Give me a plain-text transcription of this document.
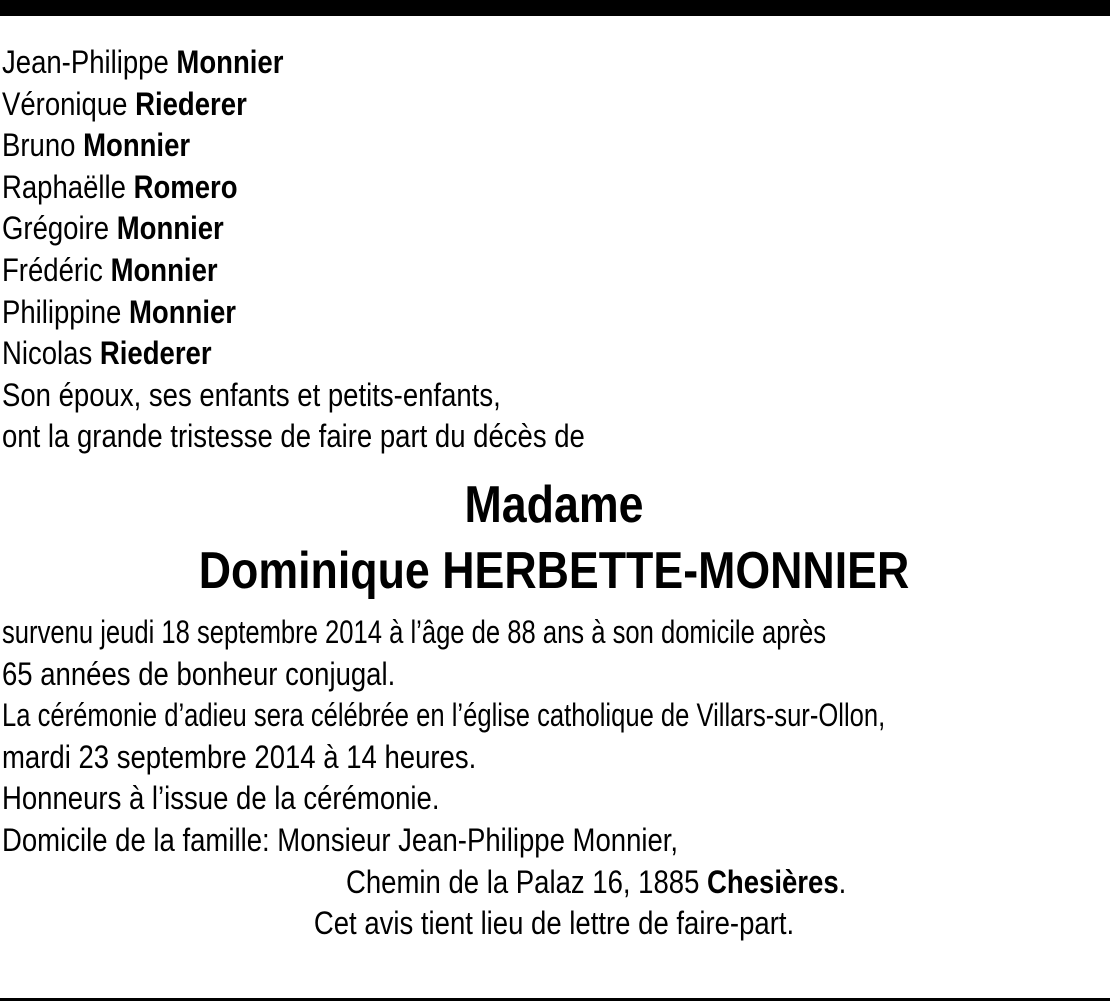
Jean-Philippe Monnier
Véronique Riederer
Bruno Monnier
Raphaëlle Romero
Grégoire Monnier
Frédéric Monnier
Philippine Monnier
Nicolas Riederer
Son époux, ses enfants et petits-enfants,
ont la grande tristesse de faire part du décès de
Madame
Dominique HERBETTE-MONNIER
survenu jeudi 18 septembre 2014 à l’âge de 88 ans à son domicile après
65 années de bonheur conjugal.
La cérémonie d’adieu sera célébrée en l’église catholique de Villars-sur-Ollon,
mardi 23 septembre 2014 à 14 heures.
Honneurs à l’issue de la cérémonie.
Domicile de la famille: Monsieur Jean-Philippe Monnier,
Chemin de la Palaz 16, 1885 Chesières.
Cet avis tient lieu de lettre de faire-part.
